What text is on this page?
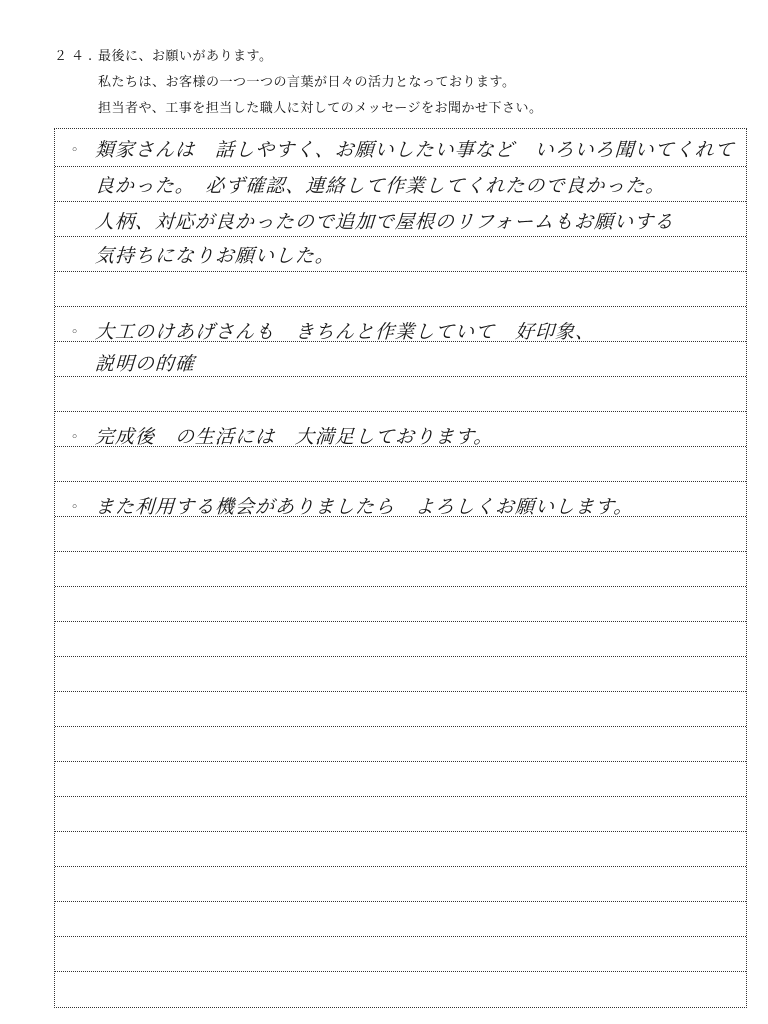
２４. 最後に、お願いがあります。
私たちは、お客様の一つ一つの言葉が日々の活力となっております。
担当者や、工事を担当した職人に対してのメッセージをお聞かせ下さい。
◦ 類家さんは　話しやすく、お願いしたい事など　いろいろ聞いてくれて
良かった。　必ず確認、連絡して作業してくれたので良かった。
人柄、対応が良かったので追加で屋根のリフォームもお願いする
気持ちになりお願いした。
◦ 大工のけあげさんも　きちんと作業していて　好印象、
説明の的確
◦ 完成後　の生活には　大満足しております。
◦ また利用する機会がありましたら　よろしくお願いします。
